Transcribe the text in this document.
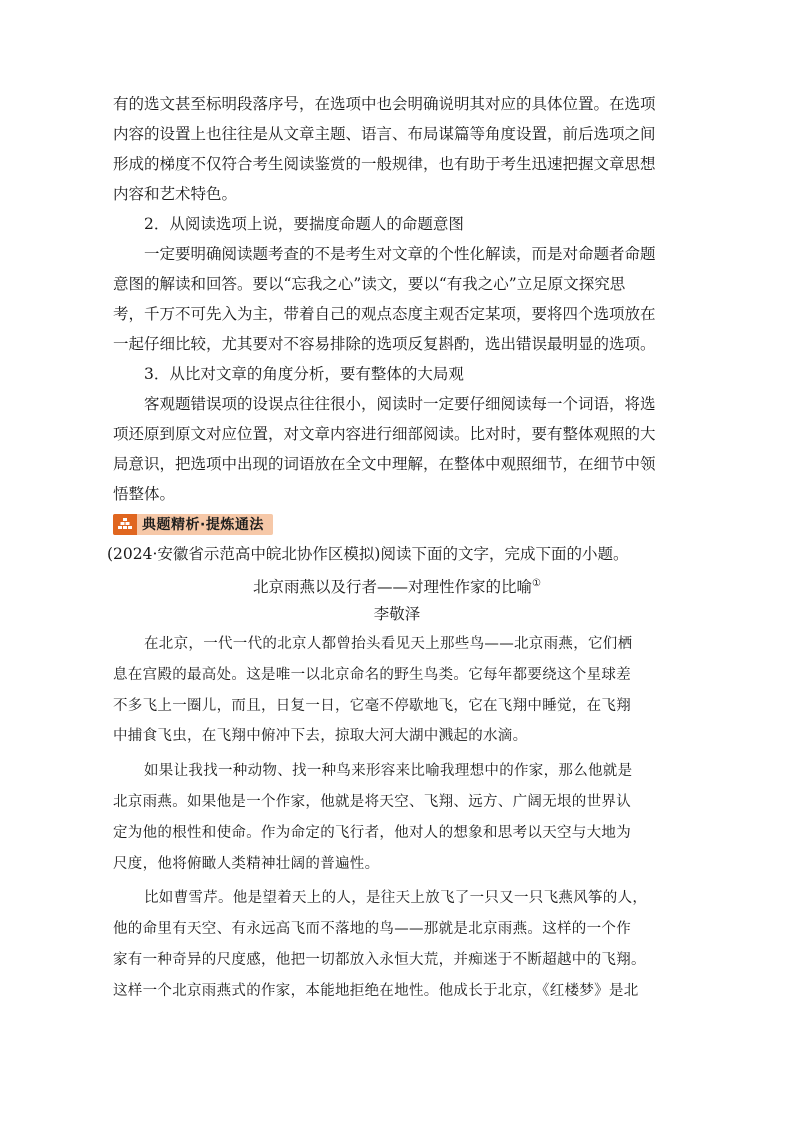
有的选文甚至标明段落序号，在选项中也会明确说明其对应的具体位置。在选项
内容的设置上也往往是从文章主题、语言、布局谋篇等角度设置，前后选项之间
形成的梯度不仅符合考生阅读鉴赏的一般规律，也有助于考生迅速把握文章思想
内容和艺术特色。
2．从阅读选项上说，要揣度命题人的命题意图
一定要明确阅读题考查的不是考生对文章的个性化解读，而是对命题者命题
意图的解读和回答。要以“忘我之心”读文，要以“有我之心”立足原文探究思
考，千万不可先入为主，带着自己的观点态度主观否定某项，要将四个选项放在
一起仔细比较，尤其要对不容易排除的选项反复斟酌，选出错误最明显的选项。
3．从比对文章的角度分析，要有整体的大局观
客观题错误项的设误点往往很小，阅读时一定要仔细阅读每一个词语，将选
项还原到原文对应位置，对文章内容进行细部阅读。比对时，要有整体观照的大
局意识，把选项中出现的词语放在全文中理解，在整体中观照细节，在细节中领
悟整体。
典题精析·提炼通法
(2024·安徽省示范高中皖北协作区模拟)阅读下面的文字，完成下面的小题。
北京雨燕以及行者——对理性作家的比喻①
李敬泽
在北京，一代一代的北京人都曾抬头看见天上那些鸟——北京雨燕，它们栖
息在宫殿的最高处。这是唯一以北京命名的野生鸟类。它每年都要绕这个星球差
不多飞上一圈儿，而且，日复一日，它毫不停歇地飞，它在飞翔中睡觉，在飞翔
中捕食飞虫，在飞翔中俯冲下去，掠取大河大湖中溅起的水滴。
如果让我找一种动物、找一种鸟来形容来比喻我理想中的作家，那么他就是
北京雨燕。如果他是一个作家，他就是将天空、飞翔、远方、广阔无垠的世界认
定为他的根性和使命。作为命定的飞行者，他对人的想象和思考以天空与大地为
尺度，他将俯瞰人类精神壮阔的普遍性。
比如曹雪芹。他是望着天上的人，是往天上放飞了一只又一只飞燕风筝的人，
他的命里有天空、有永远高飞而不落地的鸟——那就是北京雨燕。这样的一个作
家有一种奇异的尺度感，他把一切都放入永恒大荒，并痴迷于不断超越中的飞翔。
这样一个北京雨燕式的作家，本能地拒绝在地性。他成长于北京，《红楼梦》是北
